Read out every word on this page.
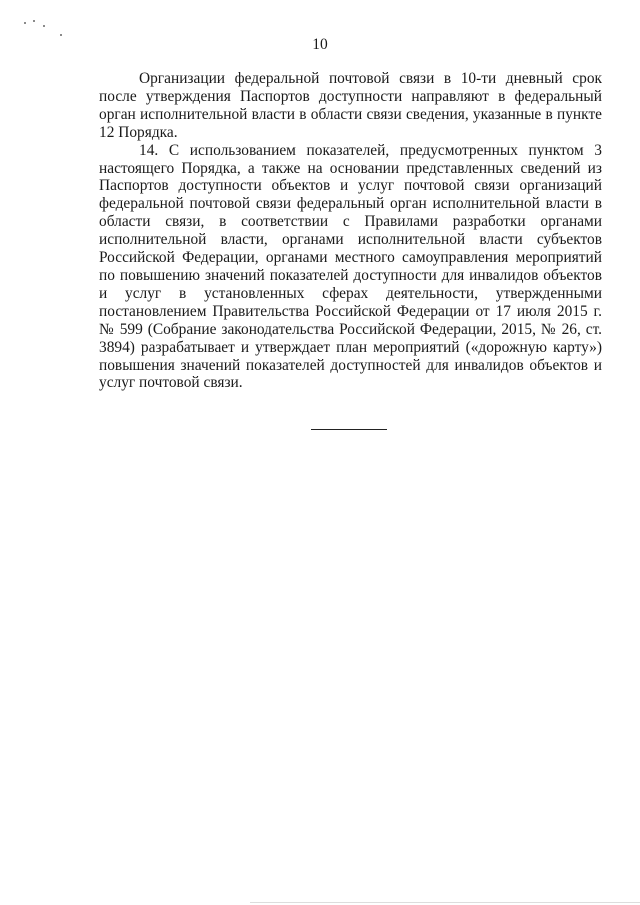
10

Организации федеральной почтовой связи в 10-ти дневный срок после утверждения Паспортов доступности направляют в федеральный орган исполнительной власти в области связи сведения, указанные в пункте 12 Порядка.

14. С использованием показателей, предусмотренных пунктом 3 настоящего Порядка, а также на основании представленных сведений из Паспортов доступности объектов и услуг почтовой связи организаций федеральной почтовой связи федеральный орган исполнительной власти в области связи, в соответствии с Правилами разработки органами исполнительной власти, органами исполнительной власти субъектов Российской Федерации, органами местного самоуправления мероприятий по повышению значений показателей доступности для инвалидов объектов и услуг в установленных сферах деятельности, утвержденными постановлением Правительства Российской Федерации от 17 июля 2015 г. № 599 (Собрание законодательства Российской Федерации, 2015, № 26, ст. 3894) разрабатывает и утверждает план мероприятий («дорожную карту») повышения значений показателей доступностей для инвалидов объектов и услуг почтовой связи.
